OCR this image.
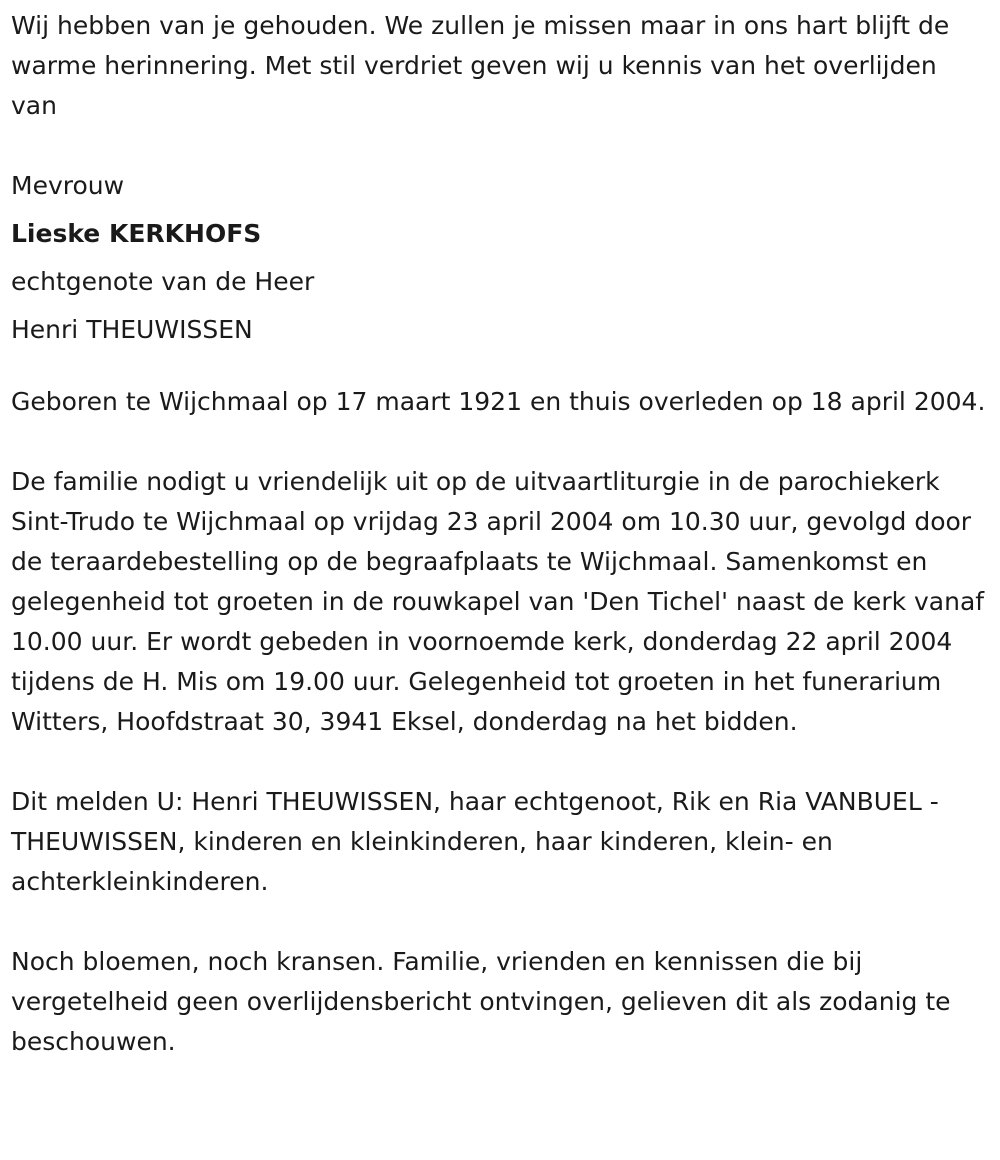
Wij hebben van je gehouden. We zullen je missen maar in ons hart blijft de warme herinnering. Met stil verdriet geven wij u kennis van het overlijden van

Mevrouw
Lieske KERKHOFS
echtgenote van de Heer
Henri THEUWISSEN

Geboren te Wijchmaal op 17 maart 1921 en thuis overleden op 18 april 2004.

De familie nodigt u vriendelijk uit op de uitvaartliturgie in de parochiekerk Sint-Trudo te Wijchmaal op vrijdag 23 april 2004 om 10.30 uur, gevolgd door de teraardebestelling op de begraafplaats te Wijchmaal. Samenkomst en gelegenheid tot groeten in de rouwkapel van 'Den Tichel' naast de kerk vanaf 10.00 uur. Er wordt gebeden in voornoemde kerk, donderdag 22 april 2004 tijdens de H. Mis om 19.00 uur. Gelegenheid tot groeten in het funerarium Witters, Hoofdstraat 30, 3941 Eksel, donderdag na het bidden.

Dit melden U: Henri THEUWISSEN, haar echtgenoot, Rik en Ria VANBUEL - THEUWISSEN, kinderen en kleinkinderen, haar kinderen, klein- en achterkleinkinderen.

Noch bloemen, noch kransen. Familie, vrienden en kennissen die bij vergetelheid geen overlijdensbericht ontvingen, gelieven dit als zodanig te beschouwen.
